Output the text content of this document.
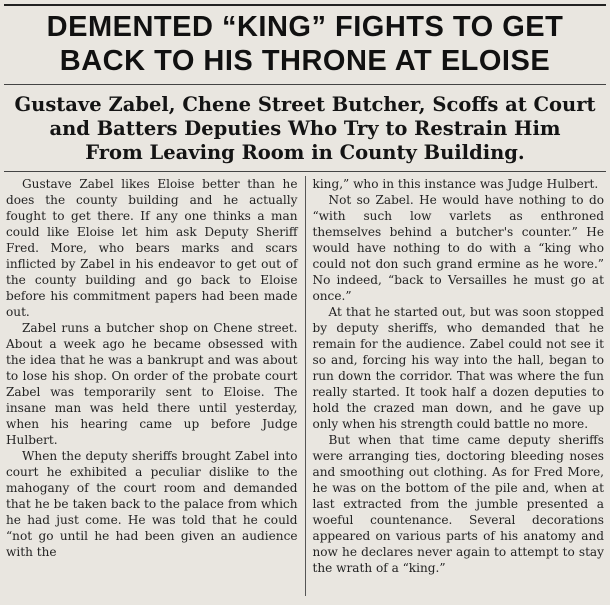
DEMENTED “KING” FIGHTS TO GET
BACK TO HIS THRONE AT ELOISE
Gustave Zabel, Chene Street Butcher, Scoffs at Court
and Batters Deputies Who Try to Restrain Him
From Leaving Room in County Building.

Gustave Zabel likes Eloise better than he does the county building and he actually fought to get there. If any one thinks a man could like Eloise let him ask Deputy Sheriff Fred. More, who bears marks and scars inflicted by Zabel in his endeavor to get out of the county building and go back to Eloise before his commitment papers had been made out.

Zabel runs a butcher shop on Chene street. About a week ago he became obsessed with the idea that he was a bankrupt and was about to lose his shop. On order of the probate court Zabel was temporarily sent to Eloise. The insane man was held there until yesterday, when his hearing came up before Judge Hulbert.

When the deputy sheriffs brought Zabel into court he exhibited a peculiar dislike to the mahogany of the court room and demanded that he be taken back to the palace from which he had just come. He was told that he could “not go until he had been given an audience with the

king,” who in this instance was Judge Hulbert.

Not so Zabel. He would have nothing to do “with such low varlets as enthroned themselves behind a butcher's counter.” He would have nothing to do with a “king who could not don such grand ermine as he wore.” No indeed, “back to Versailles he must go at once.”

At that he started out, but was soon stopped by deputy sheriffs, who demanded that he remain for the audience. Zabel could not see it so and, forcing his way into the hall, began to run down the corridor. That was where the fun really started. It took half a dozen deputies to hold the crazed man down, and he gave up only when his strength could battle no more.

But when that time came deputy sheriffs were arranging ties, doctoring bleeding noses and smoothing out clothing. As for Fred More, he was on the bottom of the pile and, when at last extracted from the jumble presented a woeful countenance. Several decorations appeared on various parts of his anatomy and now he declares never again to attempt to stay the wrath of a “king.”
